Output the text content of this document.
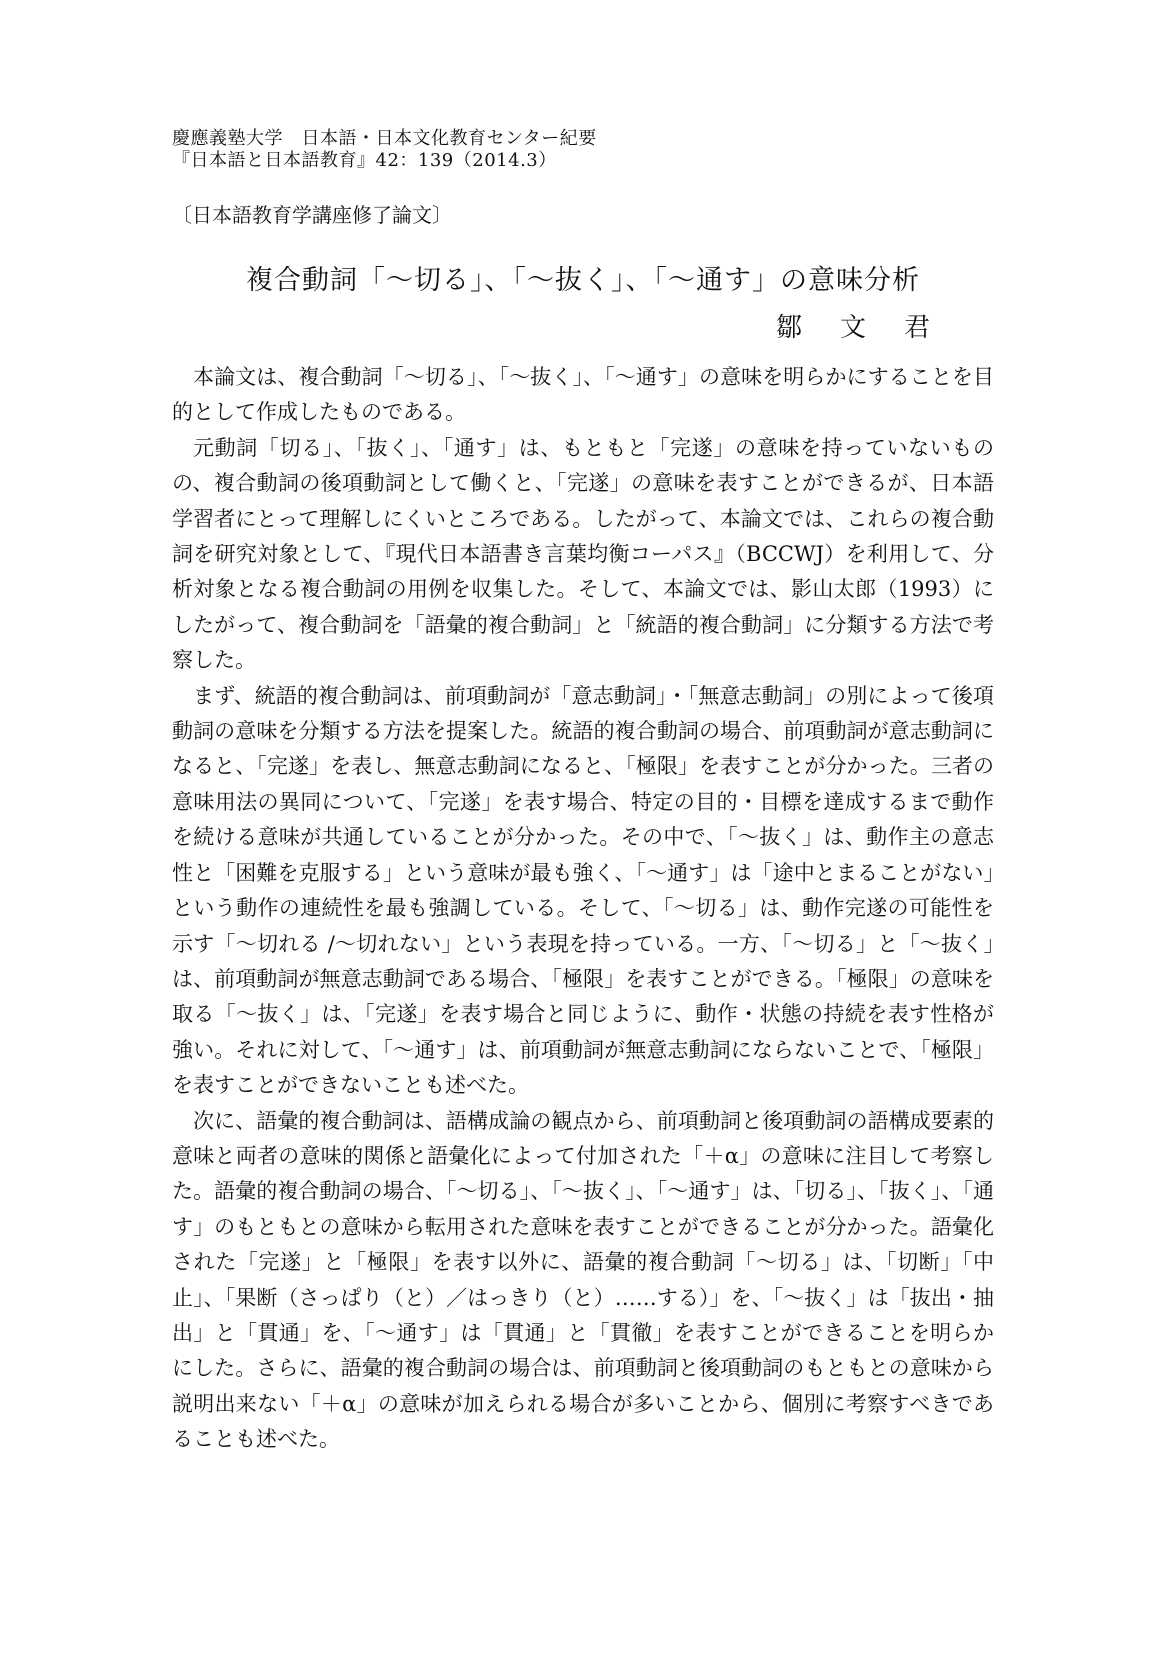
慶應義塾大学　日本語・日本文化教育センター紀要
『日本語と日本語教育』42：139（2014.3）
〔日本語教育学講座修了論文〕
複合動詞「〜切る」、「〜抜く」、「〜通す」の意味分析
鄒文君

本論文は、複合動詞「〜切る」、「〜抜く」、「〜通す」の意味を明らかにすることを目的として作成したものである。

元動詞「切る」、「抜く」、「通す」は、もともと「完遂」の意味を持っていないものの、複合動詞の後項動詞として働くと、「完遂」の意味を表すことができるが、日本語学習者にとって理解しにくいところである。したがって、本論文では、これらの複合動詞を研究対象として、『現代日本語書き言葉均衡コーパス』（BCCWJ）を利用して、分析対象となる複合動詞の用例を収集した。そして、本論文では、影山太郎（1993）にしたがって、複合動詞を「語彙的複合動詞」と「統語的複合動詞」に分類する方法で考察した。

まず、統語的複合動詞は、前項動詞が「意志動詞」・「無意志動詞」の別によって後項動詞の意味を分類する方法を提案した。統語的複合動詞の場合、前項動詞が意志動詞になると、「完遂」を表し、無意志動詞になると、「極限」を表すことが分かった。三者の意味用法の異同について、「完遂」を表す場合、特定の目的・目標を達成するまで動作を続ける意味が共通していることが分かった。その中で、「〜抜く」は、動作主の意志性と「困難を克服する」という意味が最も強く、「〜通す」は「途中とまることがない」という動作の連続性を最も強調している。そして、「〜切る」は、動作完遂の可能性を示す「〜切れる /〜切れない」という表現を持っている。一方、「〜切る」と「〜抜く」は、前項動詞が無意志動詞である場合、「極限」を表すことができる。「極限」の意味を取る「〜抜く」は、「完遂」を表す場合と同じように、動作・状態の持続を表す性格が強い。それに対して、「〜通す」は、前項動詞が無意志動詞にならないことで、「極限」を表すことができないことも述べた。

次に、語彙的複合動詞は、語構成論の観点から、前項動詞と後項動詞の語構成要素的意味と両者の意味的関係と語彙化によって付加された「＋α」の意味に注目して考察した。語彙的複合動詞の場合、「〜切る」、「〜抜く」、「〜通す」は、「切る」、「抜く」、「通す」のもともとの意味から転用された意味を表すことができることが分かった。語彙化された「完遂」と「極限」を表す以外に、語彙的複合動詞「〜切る」は、「切断」「中止」、「果断（さっぱり（と）／はっきり（と）……する）」を、「〜抜く」は「抜出・抽出」と「貫通」を、「〜通す」は「貫通」と「貫徹」を表すことができることを明らかにした。さらに、語彙的複合動詞の場合は、前項動詞と後項動詞のもともとの意味から説明出来ない「＋α」の意味が加えられる場合が多いことから、個別に考察すべきであることも述べた。
